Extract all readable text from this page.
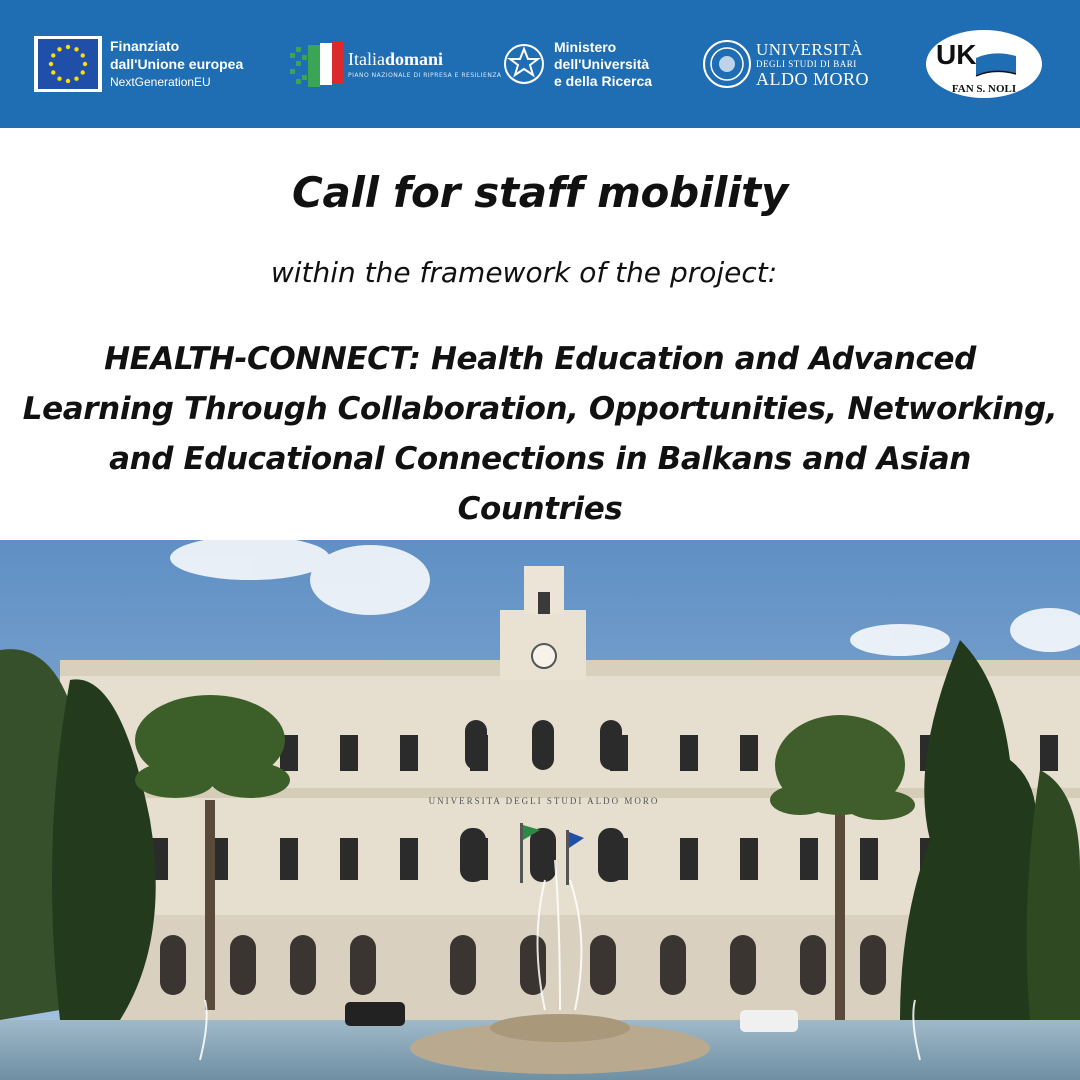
Finanziato
dall'Unione europea
NextGenerationEU
Italiadomani
PIANO NAZIONALE DI RIPRESA E RESILIENZA
Ministero
dell'Università
e della Ricerca
UNIVERSITÀ
DEGLI STUDI DI BARI
ALDO MORO
UK
FAN S. NOLI
Call for staff mobility

within the framework of the project:

HEALTH-CONNECT: Health Education and Advanced
Learning Through Collaboration, Opportunities, Networking,
and Educational Connections in Balkans and Asian
Countries
UNIVERSITA DEGLI STUDI ALDO MORO
